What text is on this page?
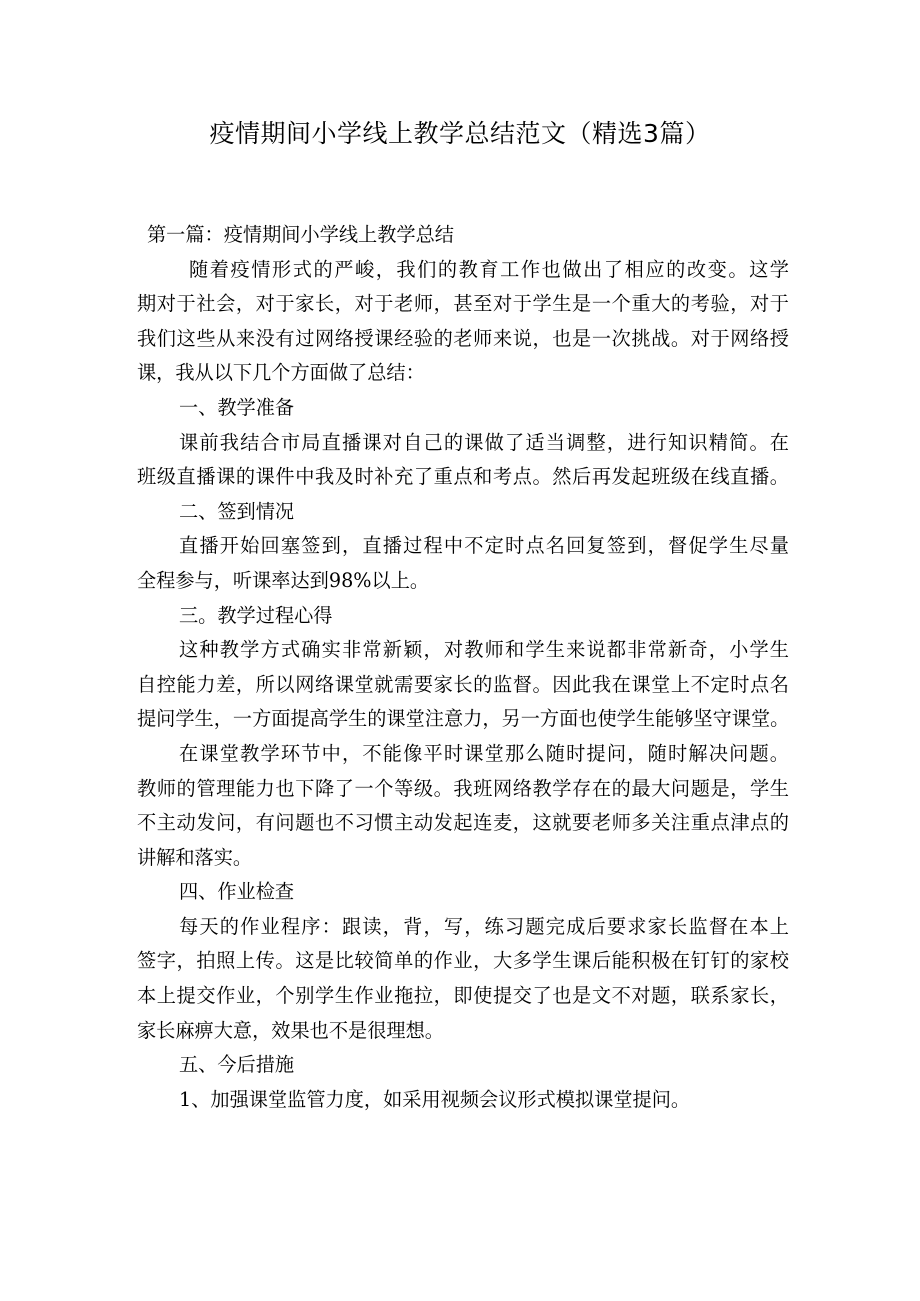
疫情期间小学线上教学总结范文（精选3篇）
第一篇：疫情期间小学线上教学总结
随着疫情形式的严峻，我们的教育工作也做出了相应的改变。这学
期对于社会，对于家长，对于老师，甚至对于学生是一个重大的考验，对于
我们这些从来没有过网络授课经验的老师来说，也是一次挑战。对于网络授
课，我从以下几个方面做了总结：
一、教学准备
课前我结合市局直播课对自己的课做了适当调整，进行知识精简。在
班级直播课的课件中我及时补充了重点和考点。然后再发起班级在线直播。
二、签到情况
直播开始回塞签到，直播过程中不定时点名回复签到，督促学生尽量
全程参与，听课率达到98%以上。
三。教学过程心得
这种教学方式确实非常新颖，对教师和学生来说都非常新奇，小学生
自控能力差，所以网络课堂就需要家长的监督。因此我在课堂上不定时点名
提问学生，一方面提高学生的课堂注意力，另一方面也使学生能够坚守课堂。
在课堂教学环节中，不能像平时课堂那么随时提问，随时解决问题。
教师的管理能力也下降了一个等级。我班网络教学存在的最大问题是，学生
不主动发问，有问题也不习惯主动发起连麦，这就要老师多关注重点津点的
讲解和落实。
四、作业检查
每天的作业程序：跟读，背，写，练习题完成后要求家长监督在本上
签字，拍照上传。这是比较简单的作业，大多学生课后能积极在钉钉的家校
本上提交作业，个别学生作业拖拉，即使提交了也是文不对题，联系家长，
家长麻痹大意，效果也不是很理想。
五、今后措施
1、加强课堂监管力度，如采用视频会议形式模拟课堂提问。
